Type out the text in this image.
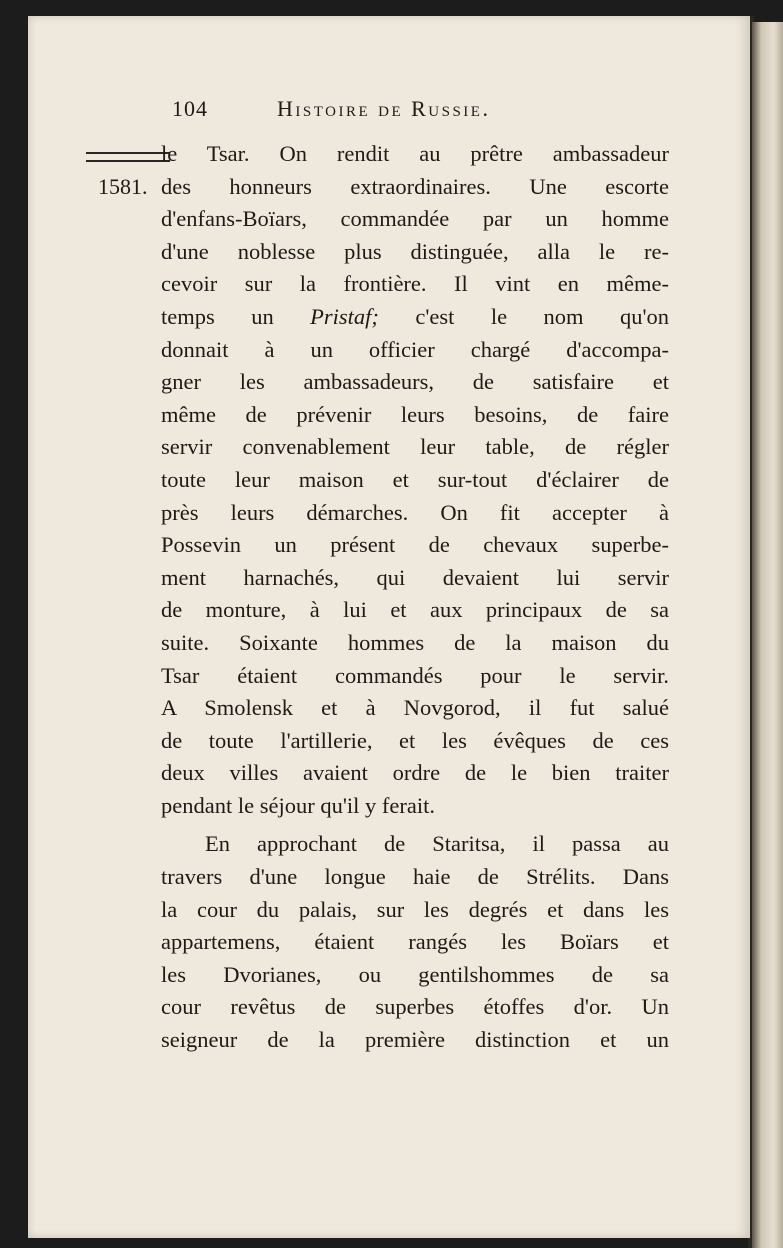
104	Histoire de Russie.
1581.
le Tsar. On rendit au prêtre ambassadeur
des honneurs extraordinaires. Une escorte
d'enfans-Boïars, commandée par un homme
d'une noblesse plus distinguée, alla le re-
cevoir sur la frontière. Il vint en même-
temps un Pristaf; c'est le nom qu'on
donnait à un officier chargé d'accompa-
gner les ambassadeurs, de satisfaire et
même de prévenir leurs besoins, de faire
servir convenablement leur table, de régler
toute leur maison et sur-tout d'éclairer de
près leurs démarches. On fit accepter à
Possevin un présent de chevaux superbe-
ment harnachés, qui devaient lui servir
de monture, à lui et aux principaux de sa
suite. Soixante hommes de la maison du
Tsar étaient commandés pour le servir.
A Smolensk et à Novgorod, il fut salué
de toute l'artillerie, et les évêques de ces
deux villes avaient ordre de le bien traiter
pendant le séjour qu'il y ferait.
En approchant de Staritsa, il passa au
travers d'une longue haie de Strélits. Dans
la cour du palais, sur les degrés et dans les
appartemens, étaient rangés les Boïars et
les Dvorianes, ou gentilshommes de sa
cour revêtus de superbes étoffes d'or. Un
seigneur de la première distinction et un
